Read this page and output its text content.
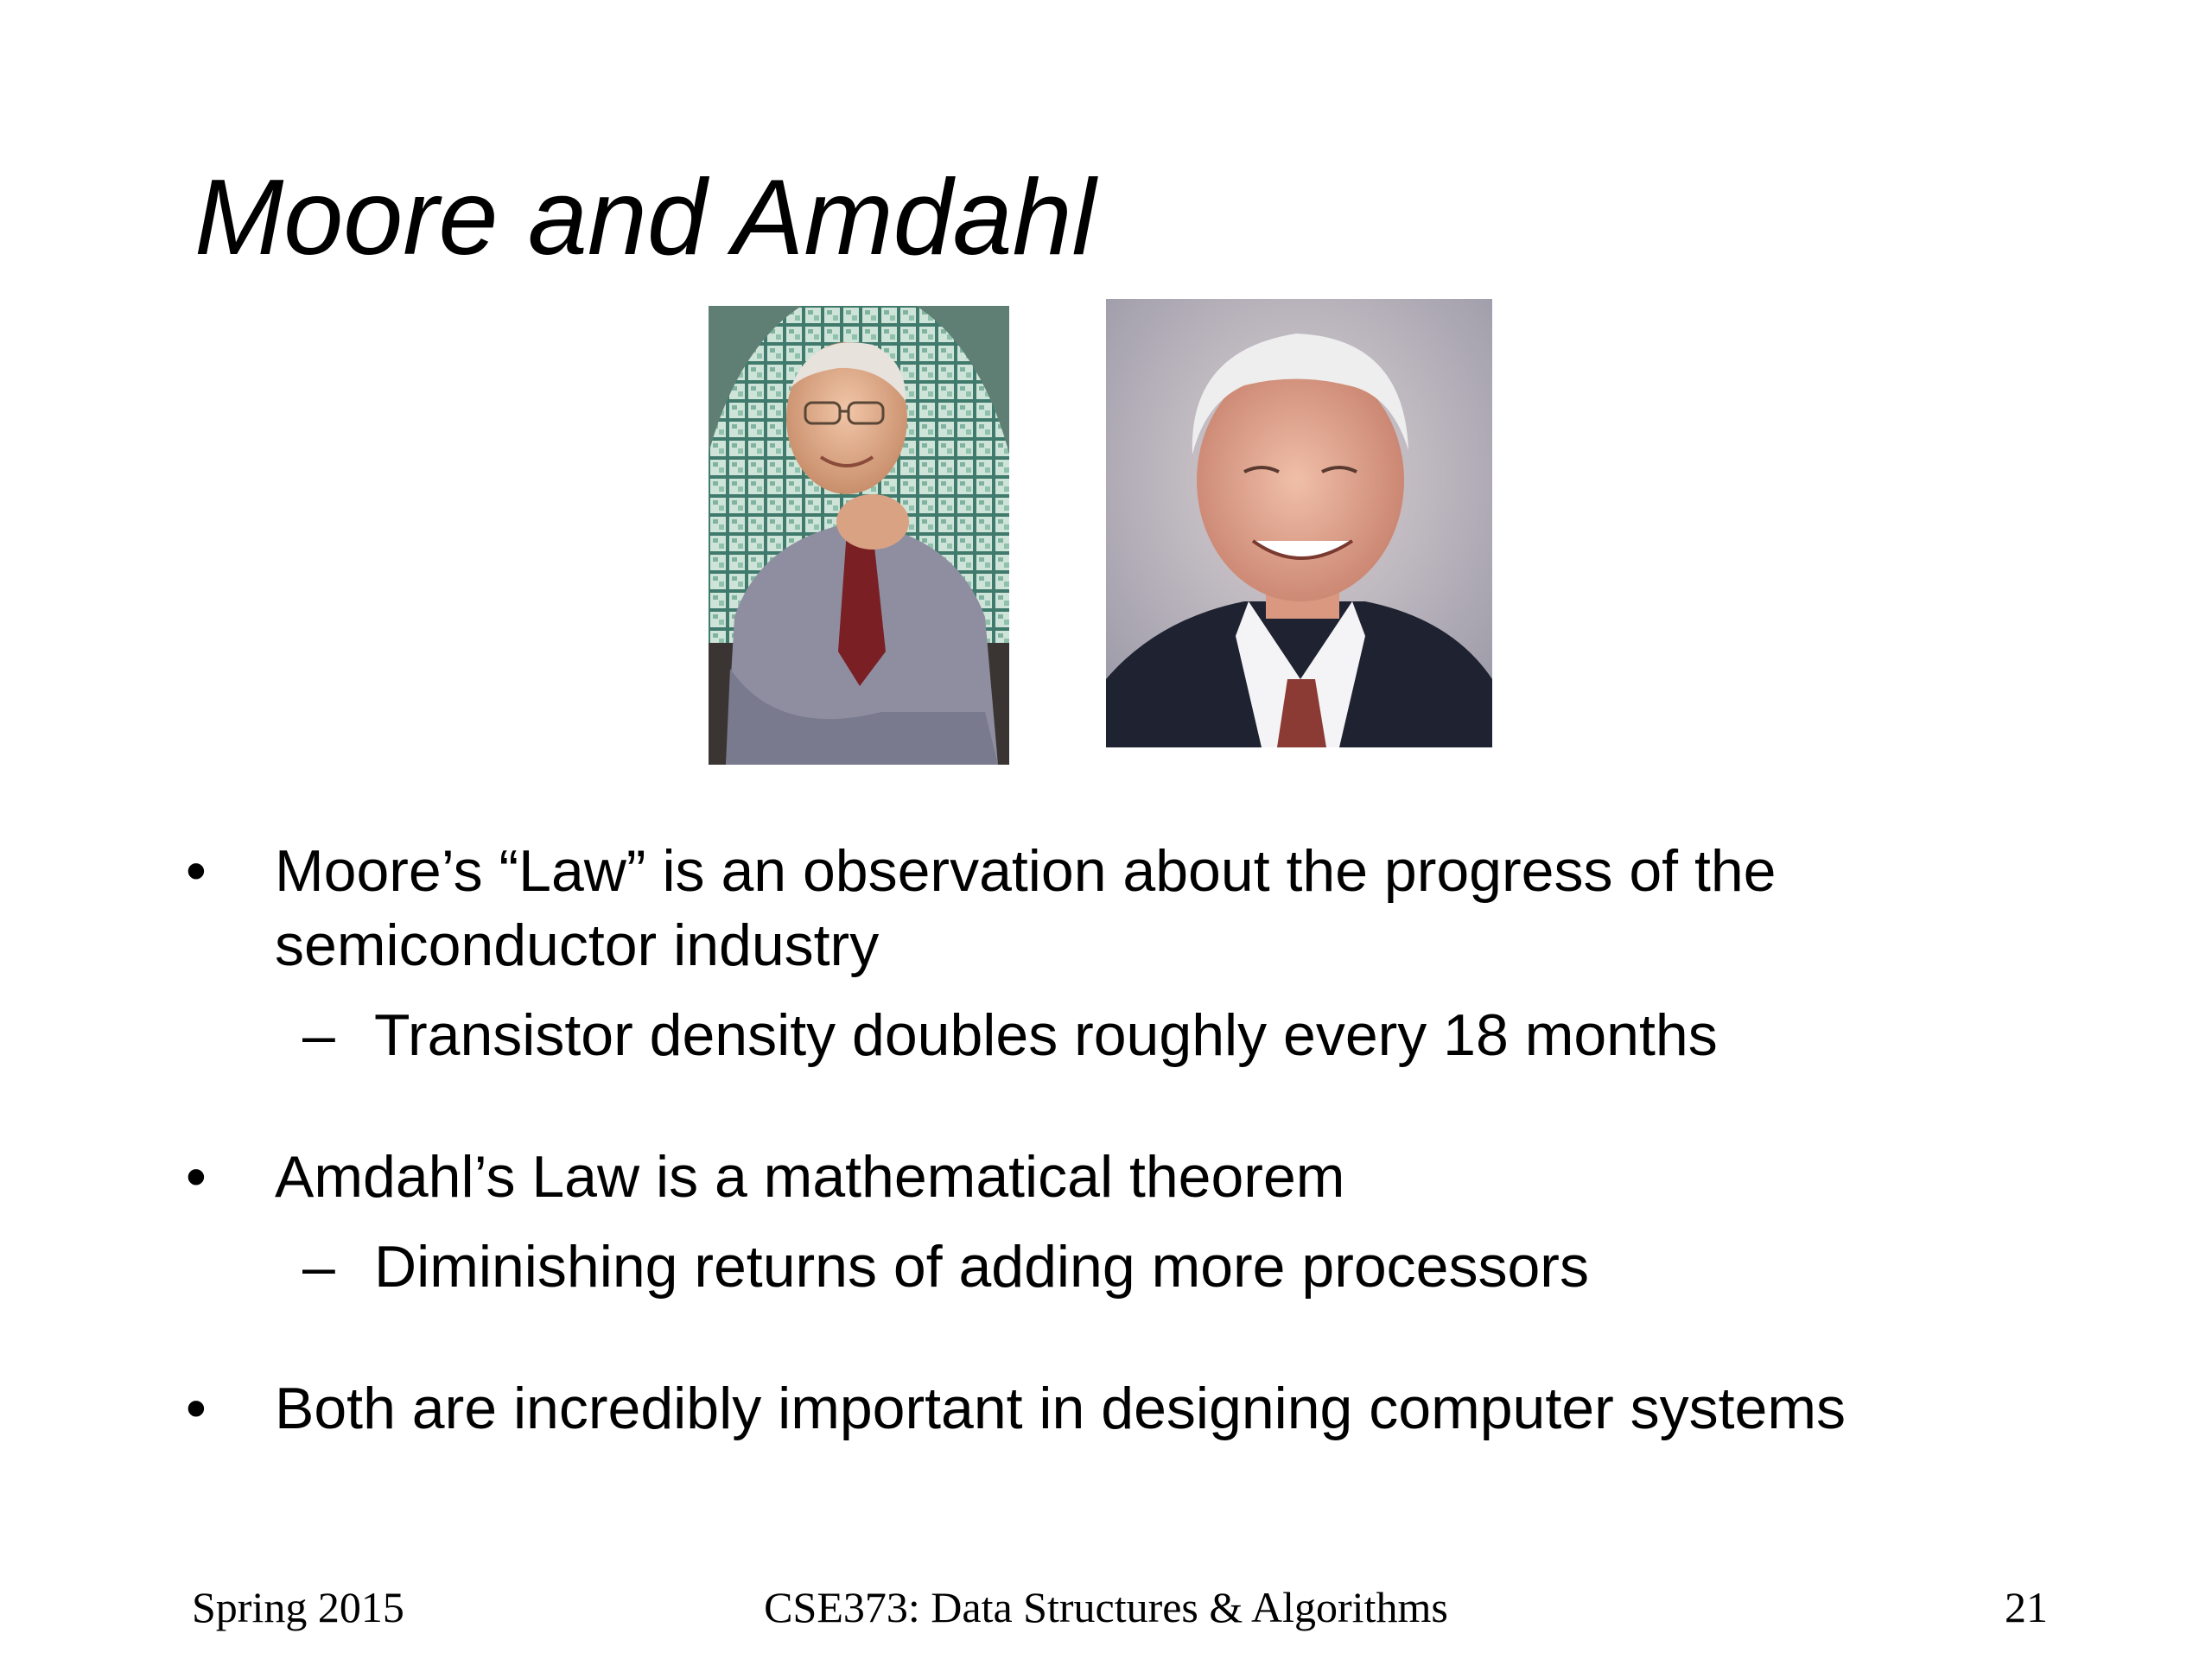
Moore and Amdahl
• Moore’s “Law” is an observation about the progress of the semiconductor industry
– Transistor density doubles roughly every 18 months
• Amdahl’s Law is a mathematical theorem
– Diminishing returns of adding more processors
• Both are incredibly important in designing computer systems
Spring 2015	CSE373: Data Structures & Algorithms	21
